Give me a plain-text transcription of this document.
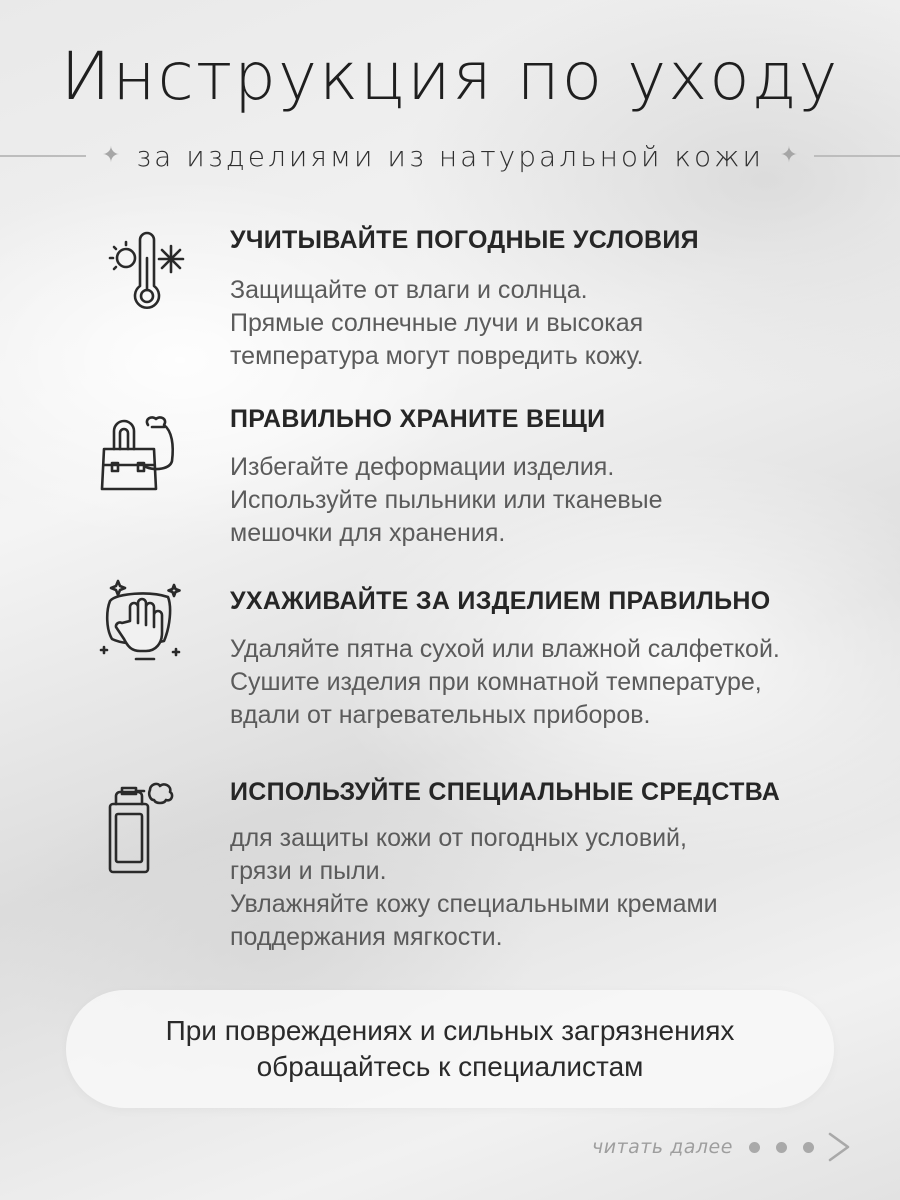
Инструкция по уходу
✦ за изделиями из натуральной кожи ✦
УЧИТЫВАЙТЕ ПОГОДНЫЕ УСЛОВИЯ
Защищайте от влаги и солнца.
Прямые солнечные лучи и высокая
температура могут повредить кожу.
ПРАВИЛЬНО ХРАНИТЕ ВЕЩИ
Избегайте деформации изделия.
Используйте пыльники или тканевые
мешочки для хранения.
УХАЖИВАЙТЕ ЗА ИЗДЕЛИЕМ ПРАВИЛЬНО
Удаляйте пятна сухой или влажной салфеткой.
Сушите изделия при комнатной температуре,
вдали от нагревательных приборов.
ИСПОЛЬЗУЙТЕ СПЕЦИАЛЬНЫЕ СРЕДСТВА
для защиты кожи от погодных условий,
грязи и пыли.
Увлажняйте кожу специальными кремами
поддержания мягкости.
При повреждениях и сильных загрязнениях
обращайтесь к специалистам
читать далее
